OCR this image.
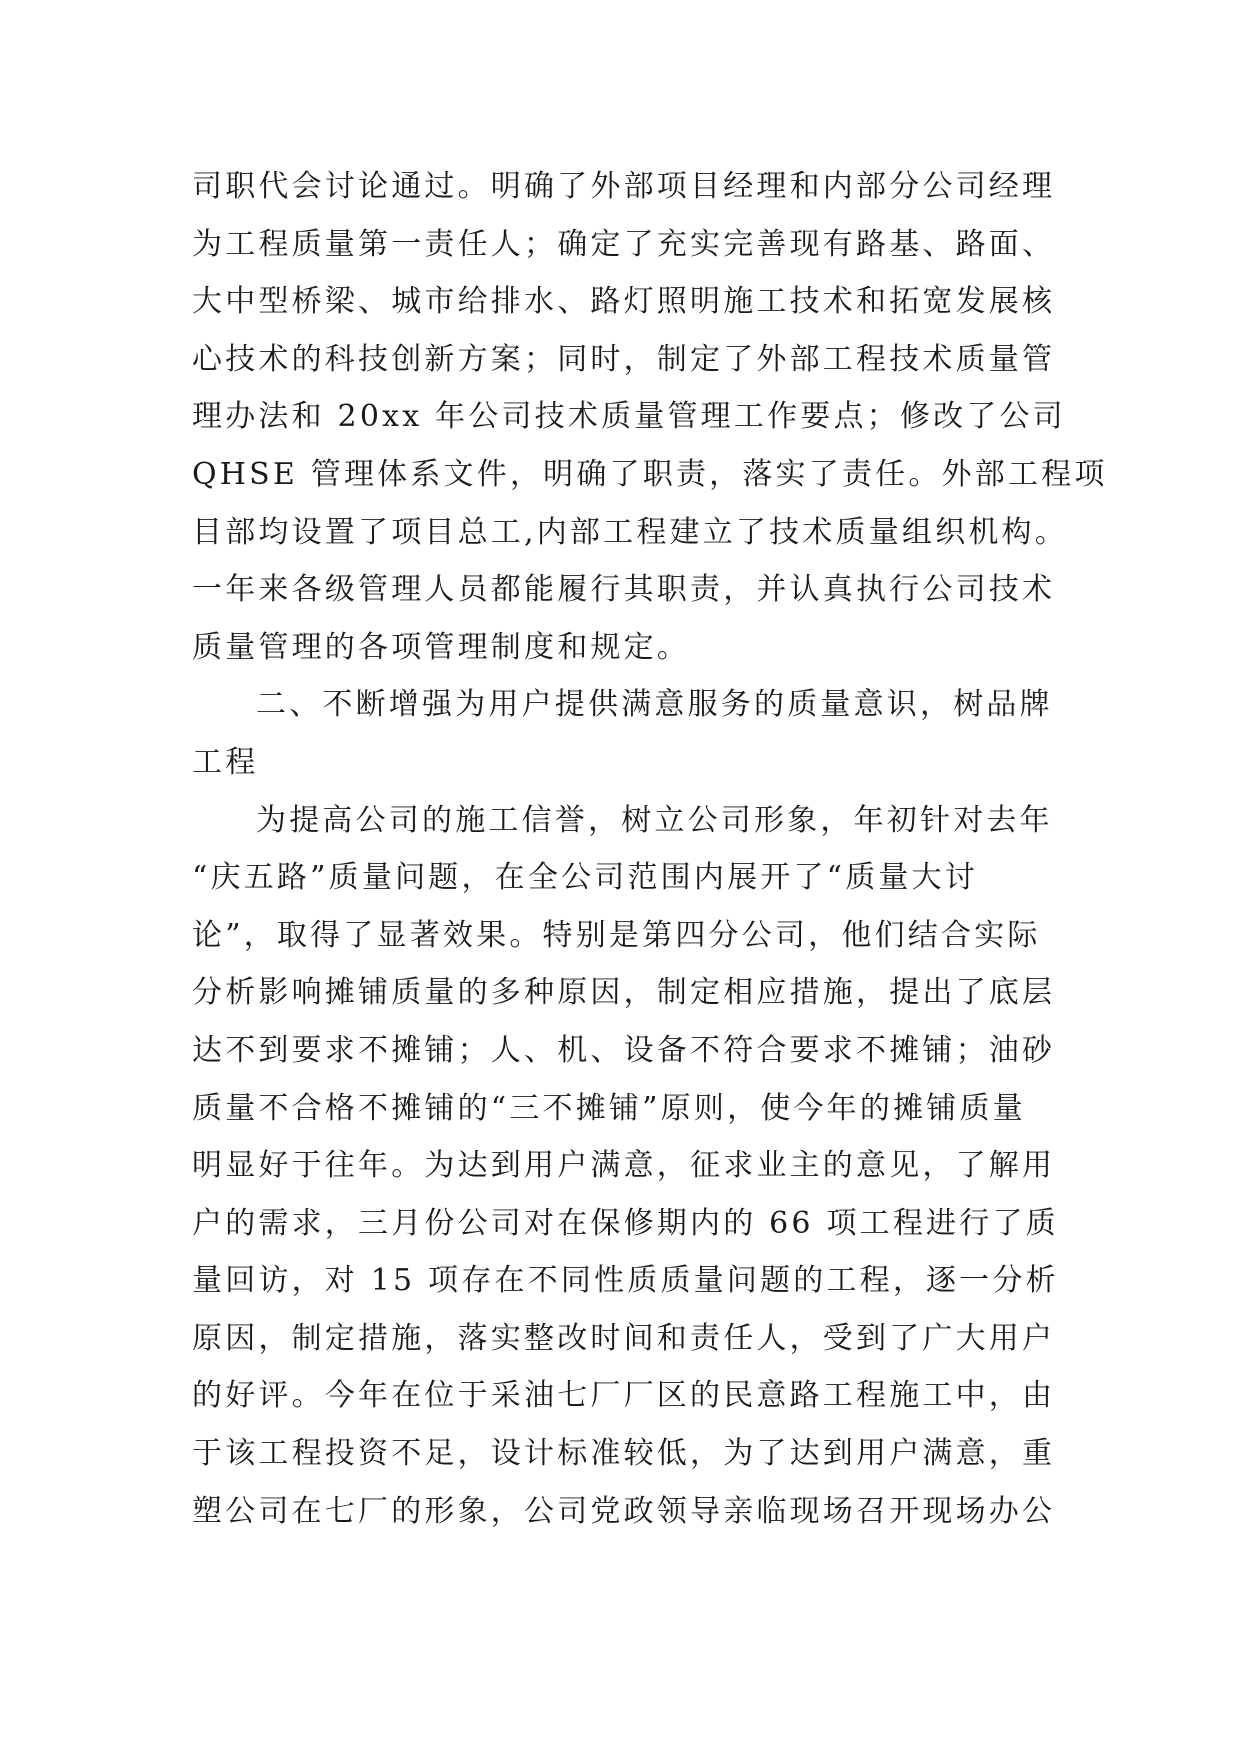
司职代会讨论通过。明确了外部项目经理和内部分公司经理
为工程质量第一责任人；确定了充实完善现有路基、路面、
大中型桥梁、城市给排水、路灯照明施工技术和拓宽发展核
心技术的科技创新方案；同时，制定了外部工程技术质量管
理办法和 20xx 年公司技术质量管理工作要点；修改了公司
QHSE 管理体系文件，明确了职责，落实了责任。外部工程项
目部均设置了项目总工,内部工程建立了技术质量组织机构。
一年来各级管理人员都能履行其职责，并认真执行公司技术
质量管理的各项管理制度和规定。
二、不断增强为用户提供满意服务的质量意识，树品牌
工程
为提高公司的施工信誉，树立公司形象，年初针对去年
“庆五路”质量问题，在全公司范围内展开了“质量大讨
论”，取得了显著效果。特别是第四分公司，他们结合实际
分析影响摊铺质量的多种原因，制定相应措施，提出了底层
达不到要求不摊铺；人、机、设备不符合要求不摊铺；油砂
质量不合格不摊铺的“三不摊铺”原则，使今年的摊铺质量
明显好于往年。为达到用户满意，征求业主的意见，了解用
户的需求，三月份公司对在保修期内的 66 项工程进行了质
量回访，对 15 项存在不同性质质量问题的工程，逐一分析
原因，制定措施，落实整改时间和责任人，受到了广大用户
的好评。今年在位于采油七厂厂区的民意路工程施工中，由
于该工程投资不足，设计标准较低，为了达到用户满意，重
塑公司在七厂的形象，公司党政领导亲临现场召开现场办公
